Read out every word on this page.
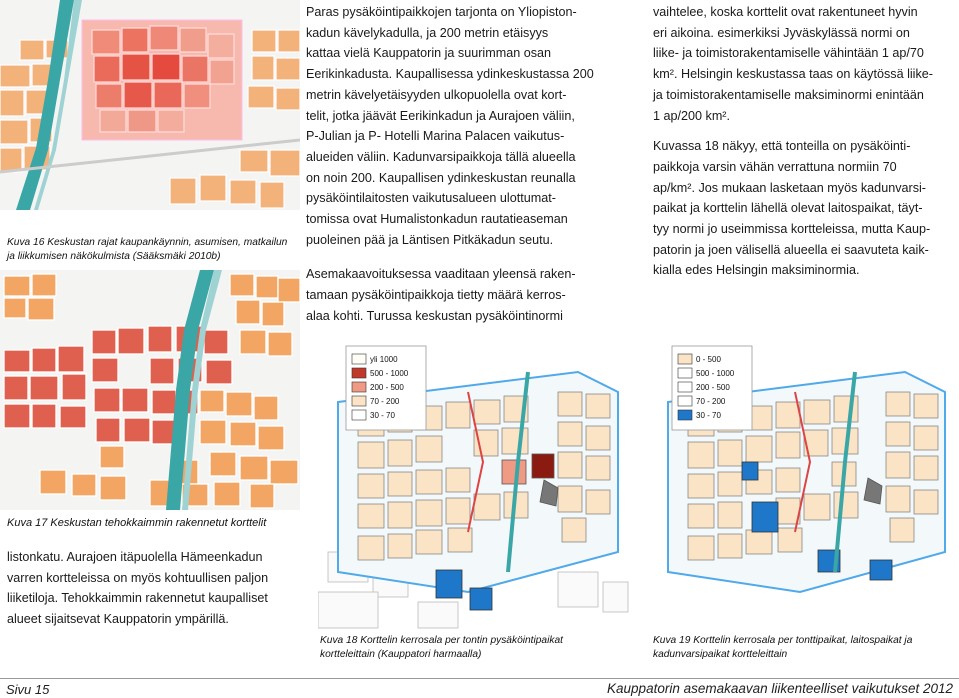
Kuva 16 Keskustan rajat kaupankäynnin, asumisen, matkailun ja liikkumisen näkökulmista (Sääksmäki 2010b)

Paras pysäköintipaikkojen tarjonta on Yliopiston-

kadun kävelykadulla, ja 200 metrin etäisyys

kattaa vielä Kauppatorin ja suurimman osan

Eerikinkadusta. Kaupallisessa ydinkeskustassa 200

metrin kävelyetäisyyden ulkopuolella ovat kort-

telit, jotka jäävät Eerikinkadun ja Aurajoen väliin,

P-Julian ja P- Hotelli Marina Palacen vaikutus-

alueiden väliin. Kadunvarsipaikkoja tällä alueella

on noin 200. Kaupallisen ydinkeskustan reunalla

pysäköintilaitosten vaikutusalueen ulottumat-

tomissa ovat Humalistonkadun rautatieaseman

puoleinen pää ja Läntisen Pitkäkadun seutu.

Asemakaavoituksessa vaaditaan yleensä raken-

tamaan pysäköintipaikkoja tietty määrä kerros-

alaa kohti. Turussa keskustan pysäköintinormi

vaihtelee, koska korttelit ovat rakentuneet hyvin

eri aikoina. esimerkiksi Jyväskylässä normi on

liike- ja toimistorakentamiselle vähintään 1 ap/70

km². Helsingin keskustassa taas on käytössä liike-

ja toimistorakentamiselle maksiminormi enintään

1 ap/200 km².

Kuvassa 18 näkyy, että tonteilla on pysäköinti-

paikkoja varsin vähän verrattuna normiin 70

ap/km². Jos mukaan lasketaan myös kadunvarsi-

paikat ja korttelin lähellä olevat laitospaikat, täyt-

tyy normi jo useimmissa kortteleissa, mutta Kaup-

patorin ja joen välisellä alueella ei saavuteta kaik-

kialla edes Helsingin maksiminormia.

yli 1000
500 - 1000
200 - 500
70 - 200
30 - 70
0 - 500
500 - 1000
200 - 500
70 - 200
30 - 70
Kuva 17 Keskustan tehokkaimmin rakennetut korttelit

listonkatu. Aurajoen itäpuolella Hämeenkadun

varren kortteleissa on myös kohtuullisen paljon

liiketiloja. Tehokkaimmin rakennetut kaupalliset

alueet sijaitsevat Kauppatorin ympärillä.

Kuva 18 Korttelin kerrosala per tontin pysäköintipaikat kortteleittain (Kauppatori harmaalla)
Kuva 19 Korttelin kerrosala per tonttipaikat, laitospaikat ja kadunvarsipaikat kortteleittain
Sivu 15	Kauppatorin asemakaavan liikenteelliset vaikutukset 2012
